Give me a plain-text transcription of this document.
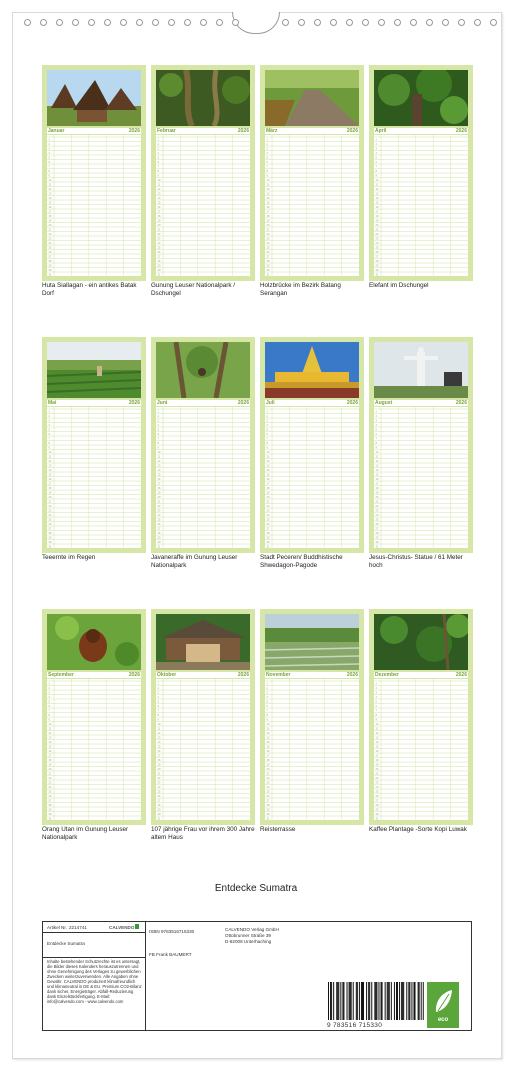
Januar	2026
1
2
3
4
5
6
7
8
9
10
11
12
13
14
15
16
17
18
19
20
21
22
23
24
25
26
27
28
29
30
31
Huta Siallagan - ein antikes Batak Dorf
Februar	2026
1
2
3
4
5
6
7
8
9
10
11
12
13
14
15
16
17
18
19
20
21
22
23
24
25
26
27
28
29
30
31
Gunung Leuser Nationalpark / Dschungel
März	2026
1
2
3
4
5
6
7
8
9
10
11
12
13
14
15
16
17
18
19
20
21
22
23
24
25
26
27
28
29
30
31
Holzbrücke im Bezirk Batang Serangan
April	2026
1
2
3
4
5
6
7
8
9
10
11
12
13
14
15
16
17
18
19
20
21
22
23
24
25
26
27
28
29
30
31
Elefant im Dschungel
Mai	2026
1
2
3
4
5
6
7
8
9
10
11
12
13
14
15
16
17
18
19
20
21
22
23
24
25
26
27
28
29
30
31
Teeernte im Regen
Juni	2026
1
2
3
4
5
6
7
8
9
10
11
12
13
14
15
16
17
18
19
20
21
22
23
24
25
26
27
28
29
30
31
Javaneraffe im Gunung Leuser Nationalpark
Juli	2026
1
2
3
4
5
6
7
8
9
10
11
12
13
14
15
16
17
18
19
20
21
22
23
24
25
26
27
28
29
30
31
Stadt Peceren/ Buddhistische Shwedagon-Pagode
August	2026
1
2
3
4
5
6
7
8
9
10
11
12
13
14
15
16
17
18
19
20
21
22
23
24
25
26
27
28
29
30
31
Jesus-Christus- Statue / 61 Meter hoch
September	2026
1
2
3
4
5
6
7
8
9
10
11
12
13
14
15
16
17
18
19
20
21
22
23
24
25
26
27
28
29
30
31
Orang Utan im Gunung Leuser Nationalpark
Oktober	2026
1
2
3
4
5
6
7
8
9
10
11
12
13
14
15
16
17
18
19
20
21
22
23
24
25
26
27
28
29
30
31
107 jährige Frau vor ihrem 300 Jahre altem Haus
November	2026
1
2
3
4
5
6
7
8
9
10
11
12
13
14
15
16
17
18
19
20
21
22
23
24
25
26
27
28
29
30
31
Reisterrasse
Dezember	2026
1
2
3
4
5
6
7
8
9
10
11
12
13
14
15
16
17
18
19
20
21
22
23
24
25
26
27
28
29
30
31
Kaffee Plantage -Sorte Kopi Luwak
Entdecke Sumatra
Artikel Nr. 2214741	CALVENDO
Entdecke Sumatra
Inhalte bestehender Schutzrechte ist es untersagt, die Bilder dieses Kalenders herauszutrennen und ohne Genehmigung des Verlages zu gewerblichen Zwecken weiterzuverwenden. Alle Angaben ohne Gewähr. CALVENDO produziert klimafreundlich und klimaneutral in DE & EU. Premium CO2-Bilanz dank sicher. Energieträger. Abfall-Reduzierung dank Einzelstückfertigung. E-Mail: info@calvendo.com - www.calvendo.com
ISBN 9783516715330
FB Frank BAUMERT
CALVENDO Verlag GmbH
Ottobrunner Straße 39
D-82008 Unterhaching
9 783516 715330
eco
